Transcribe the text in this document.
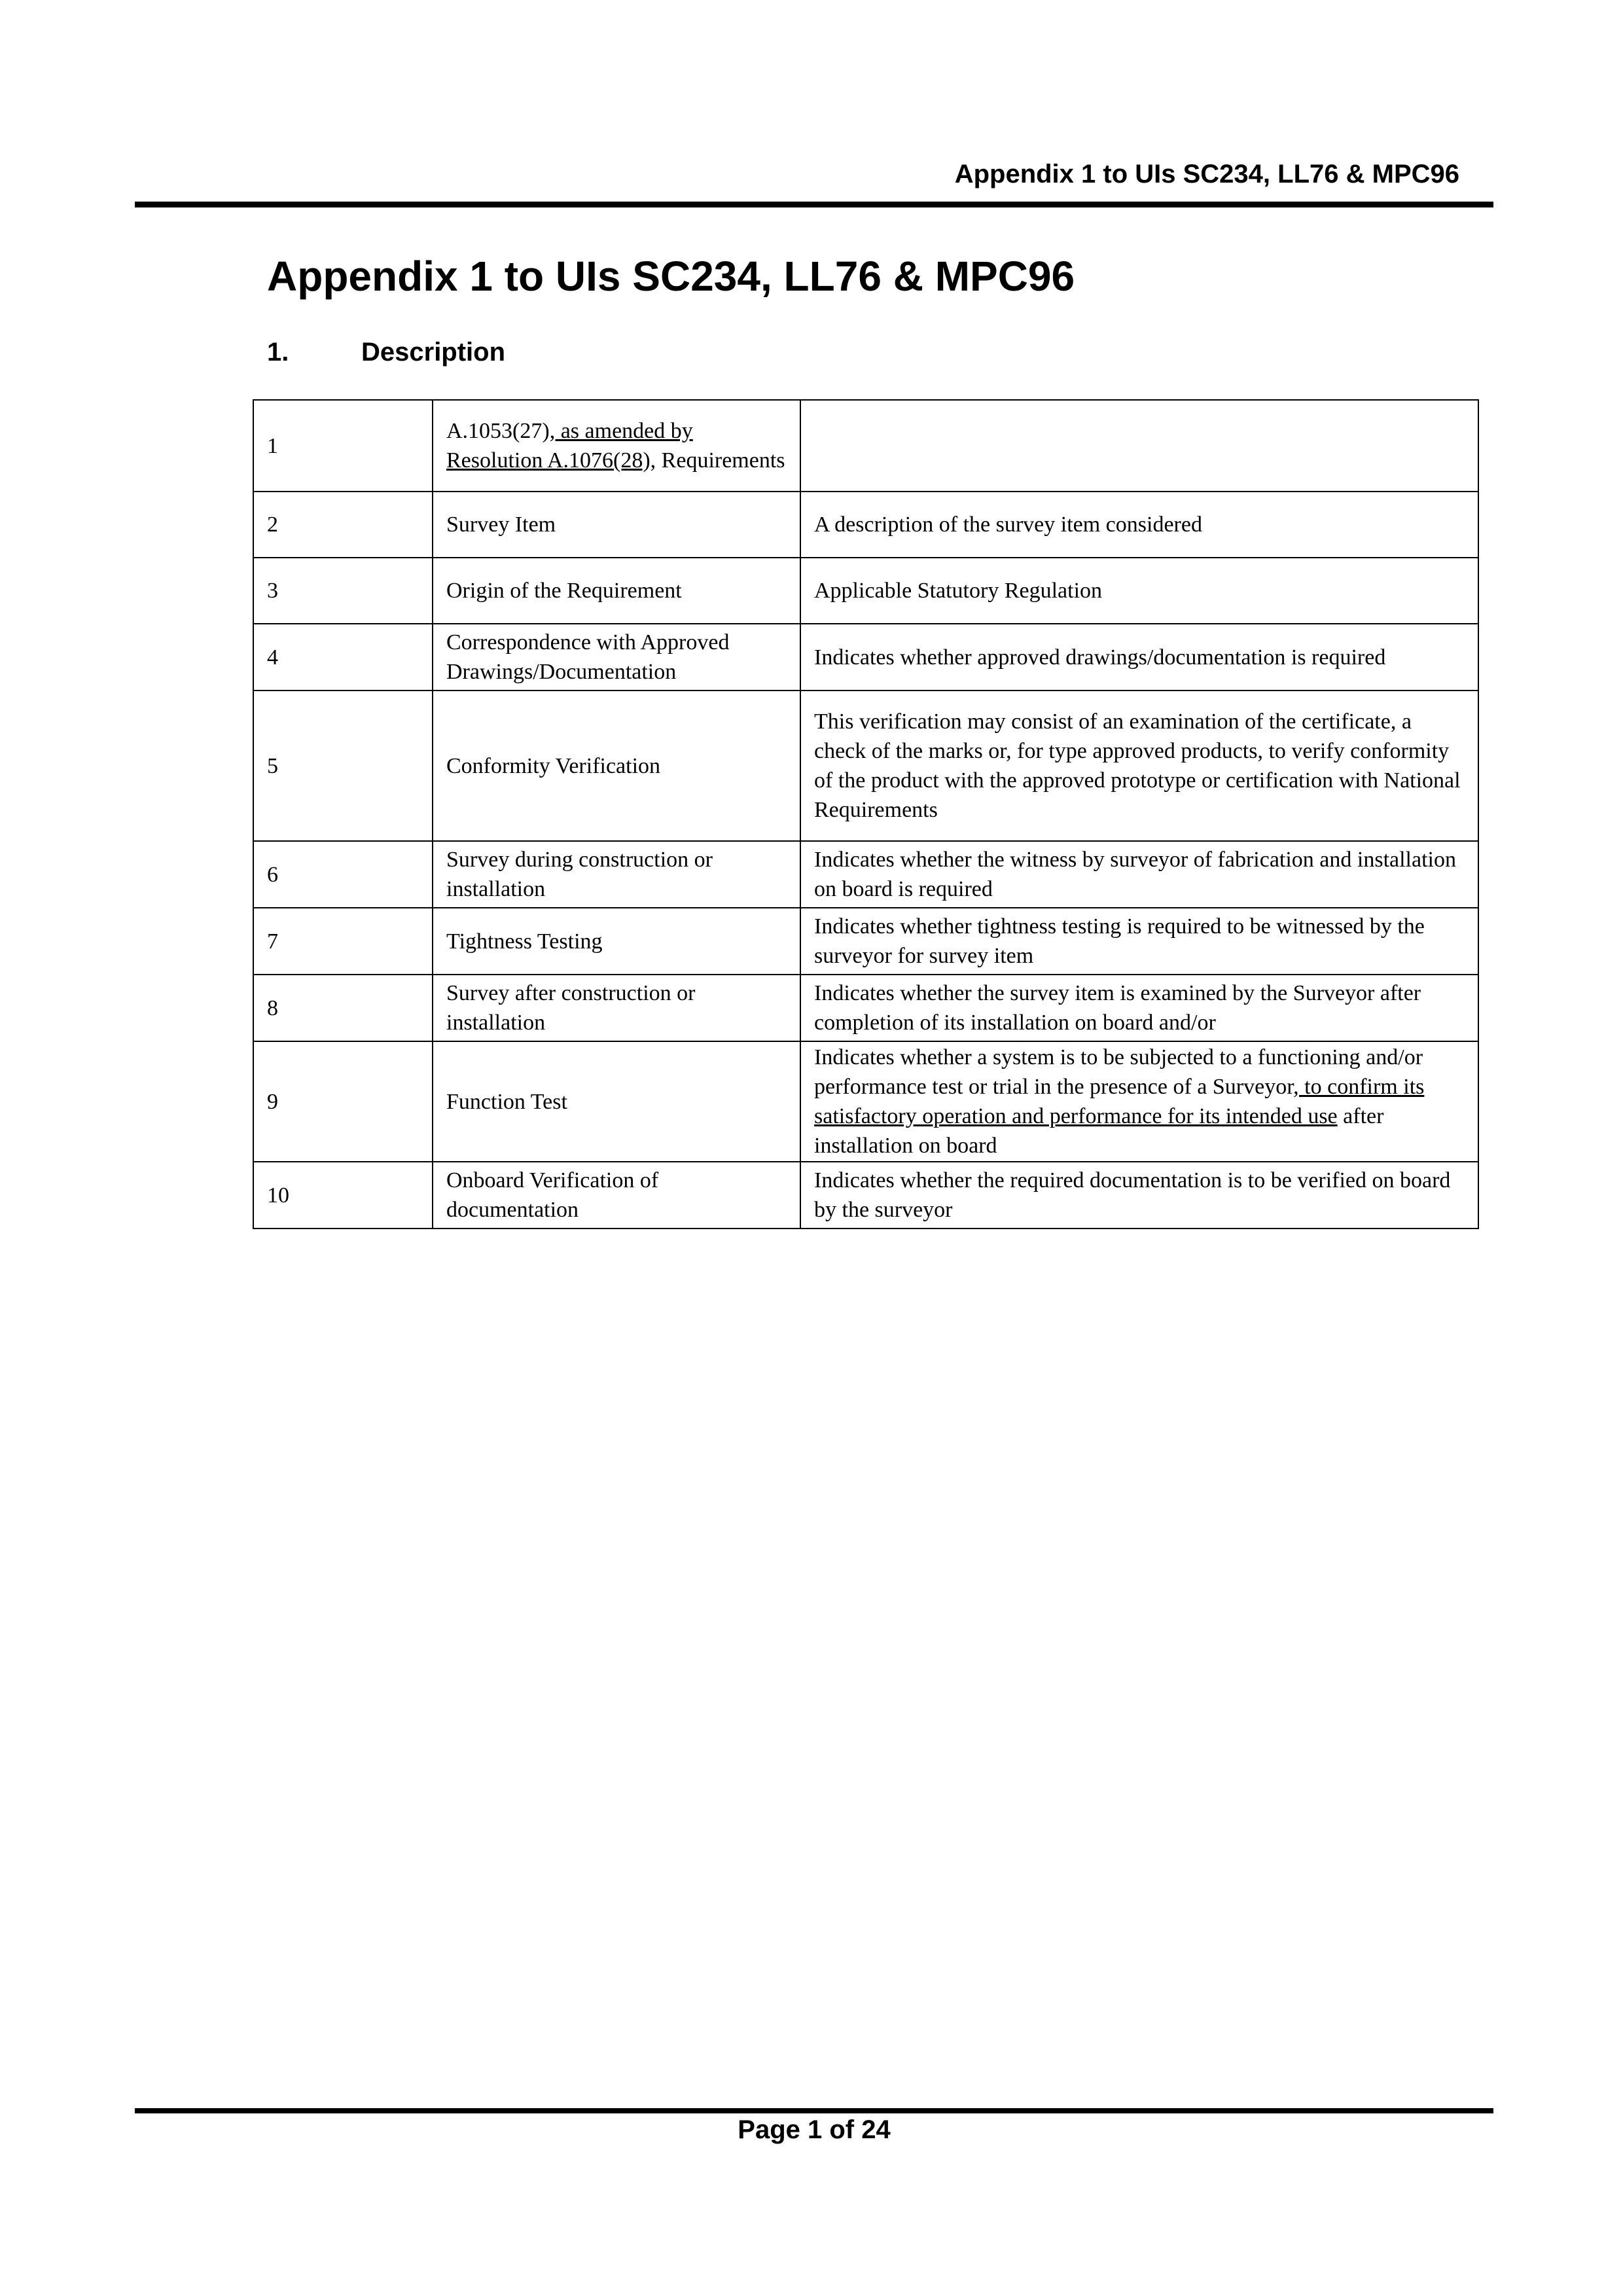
Appendix 1 to UIs SC234, LL76 & MPC96
Appendix 1 to UIs SC234, LL76 & MPC96
1.	Description
1	A.1053(27), as amended by Resolution A.1076(28), Requirements	
2	Survey Item	A description of the survey item considered
3	Origin of the Requirement	Applicable Statutory Regulation
4	Correspondence with Approved Drawings/Documentation	Indicates whether approved drawings/documentation is required
5	Conformity Verification	This verification may consist of an examination of the certificate, a check of the marks or, for type approved products, to verify conformity of the product with the approved prototype or certification with National Requirements
6	Survey during construction or installation	Indicates whether the witness by surveyor of fabrication and installation on board is required
7	Tightness Testing	Indicates whether tightness testing is required to be witnessed by the surveyor for survey item
8	Survey after construction or installation	Indicates whether the survey item is examined by the Surveyor after completion of its installation on board and/or
9	Function Test	Indicates whether a system is to be subjected to a functioning and/or performance test or trial in the presence of a Surveyor, to confirm its satisfactory operation and performance for its intended use after installation on board
10	Onboard Verification of documentation	Indicates whether the required documentation is to be verified on board by the surveyor
Page 1 of 24
